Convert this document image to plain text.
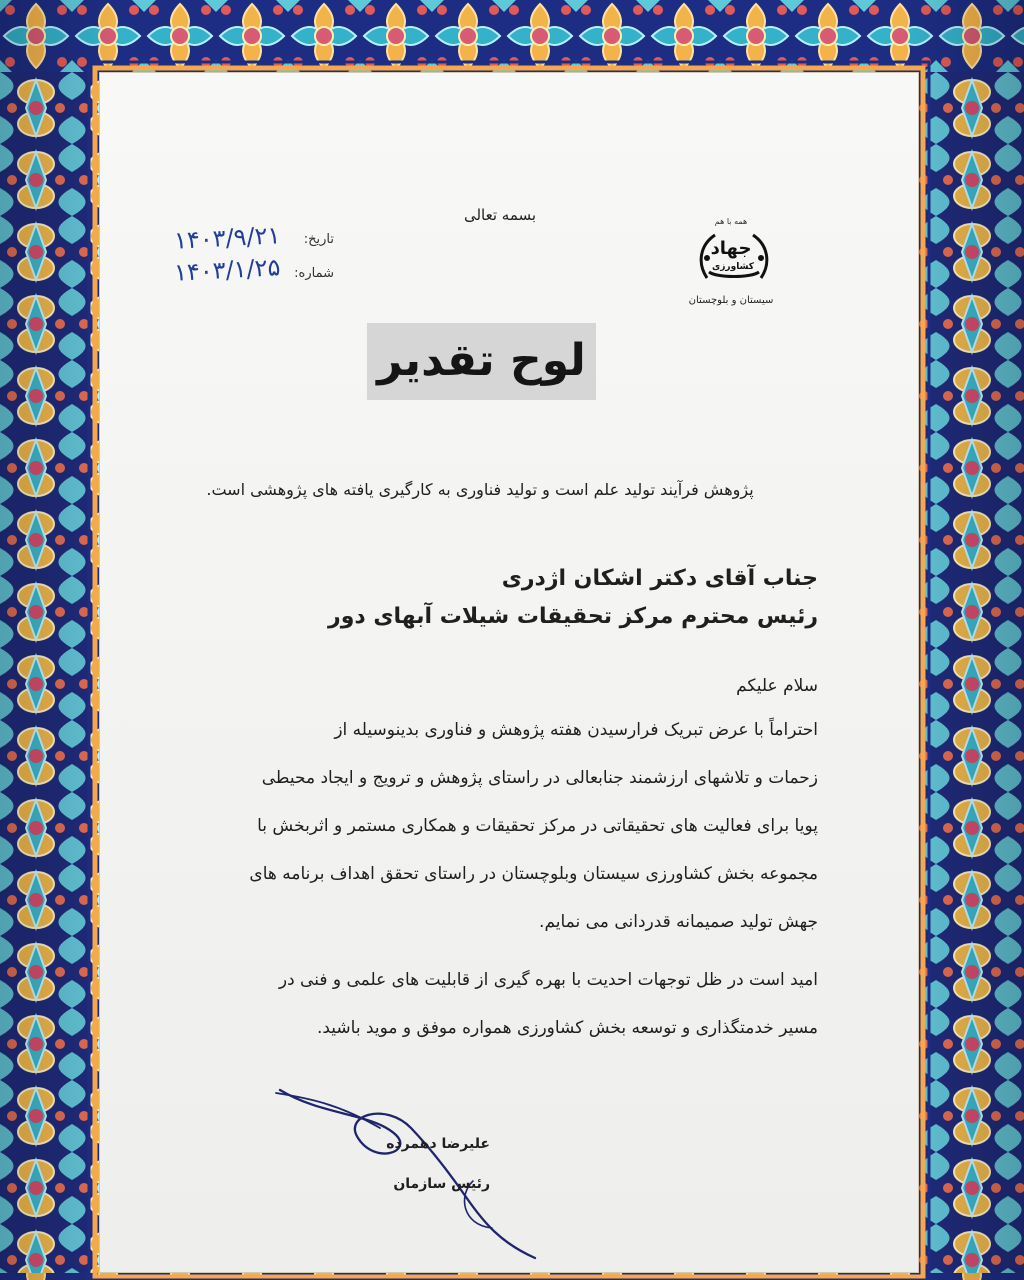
بسمه تعالی
تاریخ:
۱۴۰۳/۹/۲۱
شماره:
۱۴۰۳/۱/۲۵
همه با هم
جهاد
کشاورزی
سیستان و بلوچستان
لوح تقدیر
پژوهش فرآیند تولید علم است و تولید فناوری به کارگیری یافته های پژوهشی است.
جناب آقای دکتر اشکان اژدری
رئیس محترم مرکز تحقیقات شیلات آبهای دور
سلام علیکم
احتراماً با عرض تبریک فرارسیدن هفته پژوهش و فناوری بدینوسیله از
زحمات و تلاشهای ارزشمند جنابعالی در راستای پژوهش و ترویج و ایجاد محیطی
پویا برای فعالیت های تحقیقاتی در مرکز تحقیقات و همکاری مستمر و اثربخش با
مجموعه بخش کشاورزی سیستان وبلوچستان در راستای تحقق اهداف برنامه های
جهش تولید صمیمانه قدردانی می نمایم.
امید است در ظل توجهات احدیت با بهره گیری از قابلیت های علمی و فنی در
مسیر خدمتگذاری و توسعه بخش کشاورزی همواره موفق و موید باشید.
علیرضا دهمرده
رئیس سازمان
